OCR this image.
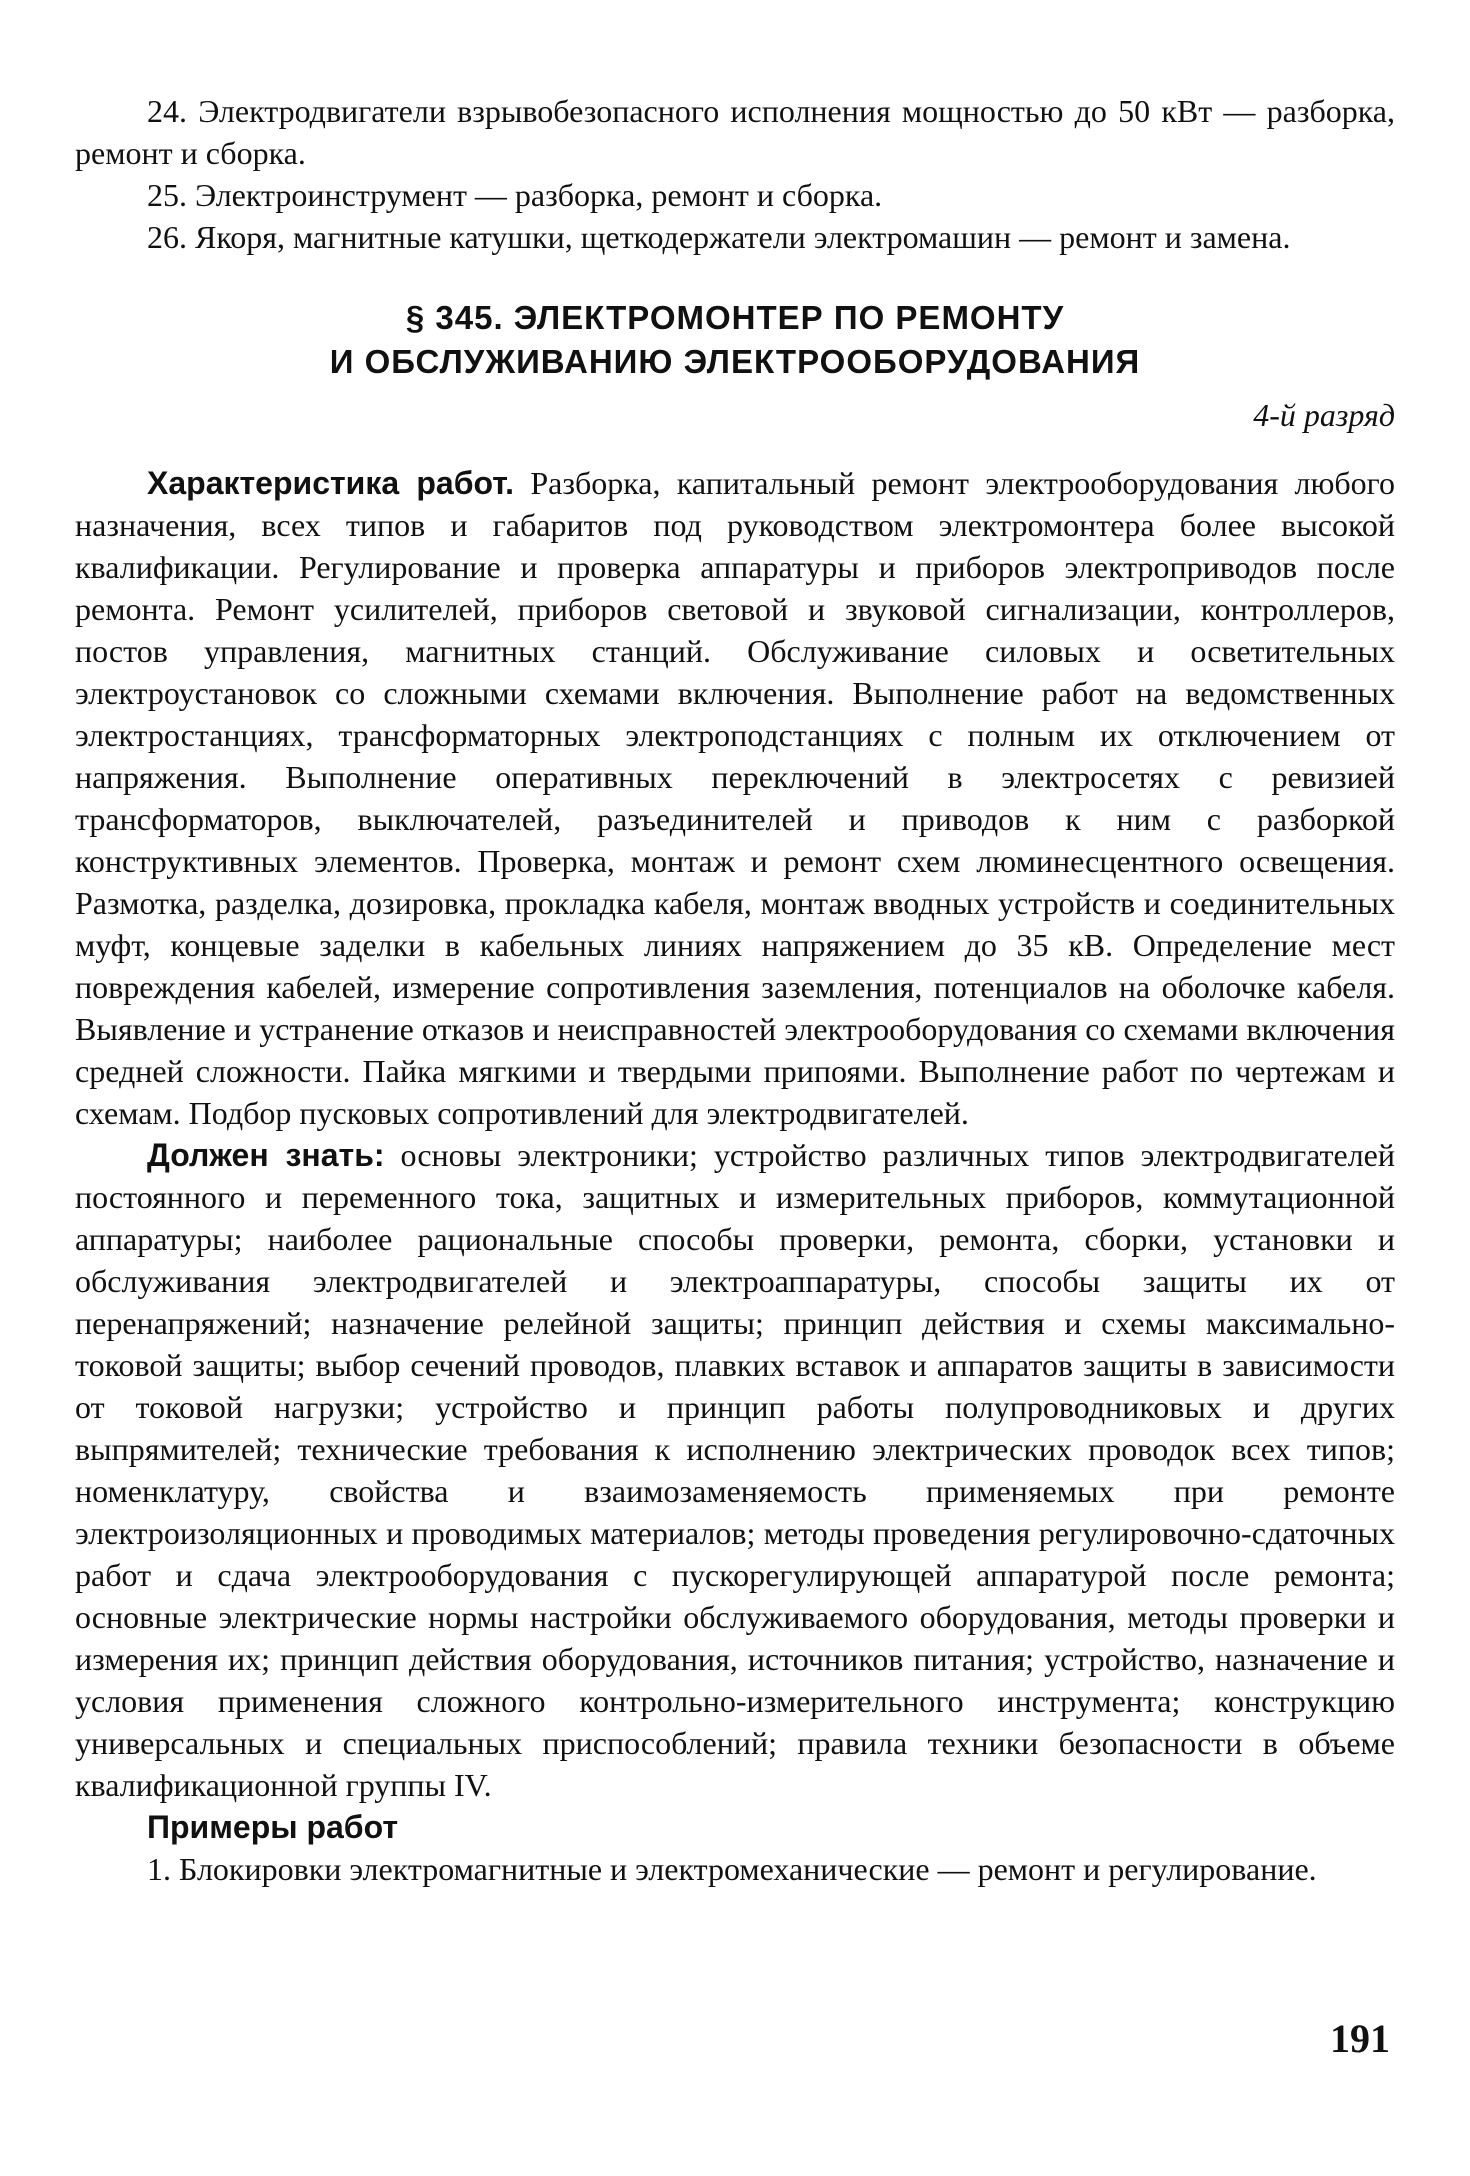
24. Электродвигатели взрывобезопасного исполнения мощностью до 50 кВт — разборка, ремонт и сборка.

25. Электроинструмент — разборка, ремонт и сборка.

26. Якоря, магнитные катушки, щеткодержатели электромашин — ремонт и замена.

§ 345. ЭЛЕКТРОМОНТЕР ПО РЕМОНТУ
И ОБСЛУЖИВАНИЮ ЭЛЕКТРООБОРУДОВАНИЯ
4-й разряд

Характеристика работ. Разборка, капитальный ремонт электрооборудования любого назначения, всех типов и габаритов под руководством электромонтера более высокой квалификации. Регулирование и проверка аппаратуры и приборов электроприводов после ремонта. Ремонт усилителей, приборов световой и звуковой сигнализации, контроллеров, постов управления, магнитных станций. Обслуживание силовых и осветительных электроустановок со сложными схемами включения. Выполнение работ на ведомственных электростанциях, трансформаторных электроподстанциях с полным их отключением от напряжения. Выполнение оперативных переключений в электросетях с ревизией трансформаторов, выключателей, разъединителей и приводов к ним с разборкой конструктивных элементов. Проверка, монтаж и ремонт схем люминесцентного освещения. Размотка, разделка, дозировка, прокладка кабеля, монтаж вводных устройств и соединительных муфт, концевые заделки в кабельных линиях напряжением до 35 кВ. Определение мест повреждения кабелей, измерение сопротивления заземления, потенциалов на оболочке кабеля. Выявление и устранение отказов и неисправностей электрооборудования со схемами включения средней сложности. Пайка мягкими и твердыми припоями. Выполнение работ по чертежам и схемам. Подбор пусковых сопротивлений для электродвигателей.

Должен знать: основы электроники; устройство различных типов электродвигателей постоянного и переменного тока, защитных и измерительных приборов, коммутационной аппаратуры; наиболее рациональные способы проверки, ремонта, сборки, установки и обслуживания электродвигателей и электроаппаратуры, способы защиты их от перенапряжений; назначение релейной защиты; принцип действия и схемы максимально-токовой защиты; выбор сечений проводов, плавких вставок и аппаратов защиты в зависимости от токовой нагрузки; устройство и принцип работы полупроводниковых и других выпрямителей; технические требования к исполнению электрических проводок всех типов; номенклатуру, свойства и взаимозаменяемость применяемых при ремонте электроизоляционных и проводимых материалов; методы проведения регулировочно-сдаточных работ и сдача электрооборудования с пускорегулирующей аппаратурой после ремонта; основные электрические нормы настройки обслуживаемого оборудования, методы проверки и измерения их; принцип действия оборудования, источников питания; устройство, назначение и условия применения сложного контрольно-измерительного инструмента; конструкцию универсальных и специальных приспособлений; правила техники безопасности в объеме квалификационной группы IV.

Примеры работ

1. Блокировки электромагнитные и электромеханические — ремонт и регулирование.

191
